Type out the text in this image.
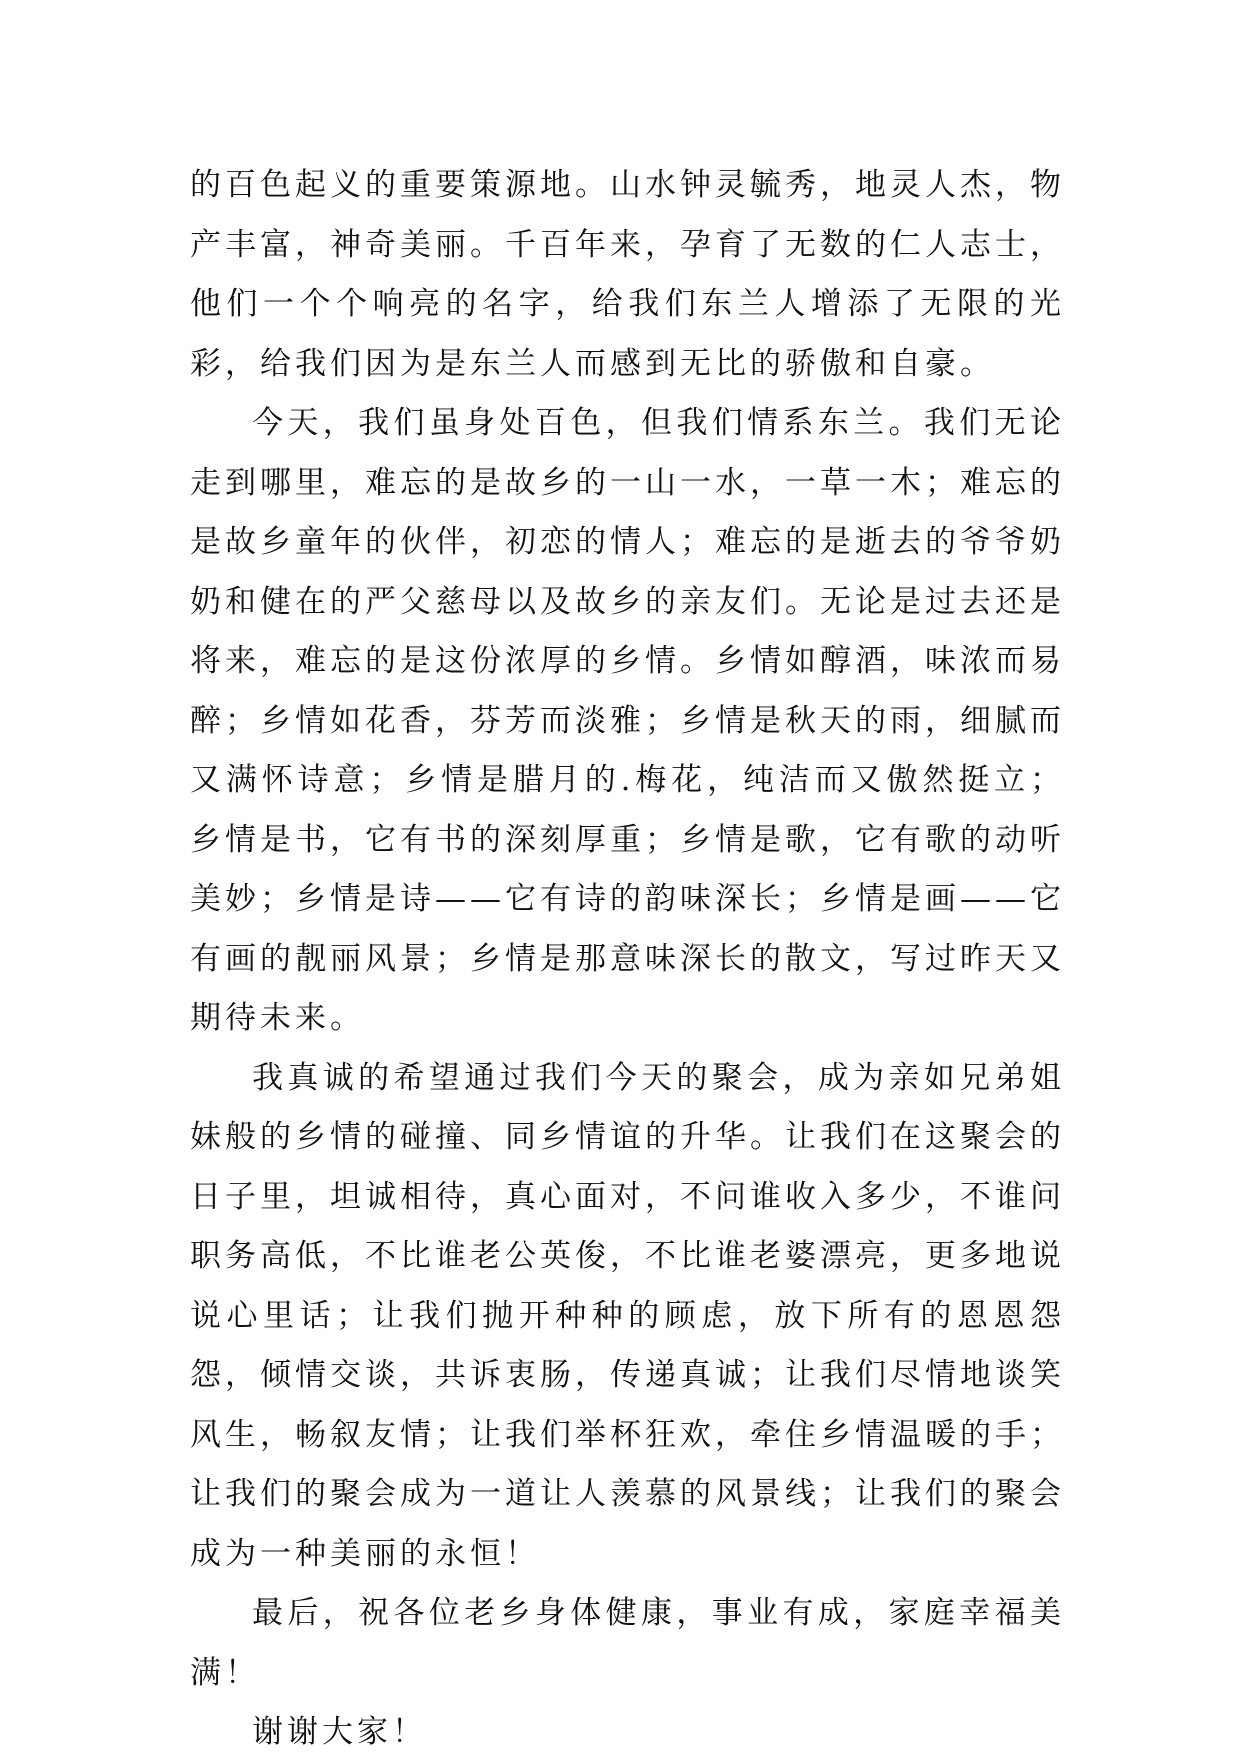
的百色起义的重要策源地。山水钟灵毓秀，地灵人杰，物产丰富，神奇美丽。千百年来，孕育了无数的仁人志士，他们一个个响亮的名字，给我们东兰人增添了无限的光彩，给我们因为是东兰人而感到无比的骄傲和自豪。

今天，我们虽身处百色，但我们情系东兰。我们无论走到哪里，难忘的是故乡的一山一水，一草一木；难忘的是故乡童年的伙伴，初恋的情人；难忘的是逝去的爷爷奶奶和健在的严父慈母以及故乡的亲友们。无论是过去还是将来，难忘的是这份浓厚的乡情。乡情如醇酒，味浓而易醉；乡情如花香，芬芳而淡雅；乡情是秋天的雨，细腻而又满怀诗意；乡情是腊月的.梅花，纯洁而又傲然挺立；乡情是书，它有书的深刻厚重；乡情是歌，它有歌的动听美妙；乡情是诗——它有诗的韵味深长；乡情是画——它有画的靓丽风景；乡情是那意味深长的散文，写过昨天又期待未来。

我真诚的希望通过我们今天的聚会，成为亲如兄弟姐妹般的乡情的碰撞、同乡情谊的升华。让我们在这聚会的日子里，坦诚相待，真心面对，不问谁收入多少，不谁问职务高低，不比谁老公英俊，不比谁老婆漂亮，更多地说说心里话；让我们抛开种种的顾虑，放下所有的恩恩怨怨，倾情交谈，共诉衷肠，传递真诚；让我们尽情地谈笑风生，畅叙友情；让我们举杯狂欢，牵住乡情温暖的手；让我们的聚会成为一道让人羡慕的风景线；让我们的聚会成为一种美丽的永恒！

最后，祝各位老乡身体健康，事业有成，家庭幸福美满！

谢谢大家！
